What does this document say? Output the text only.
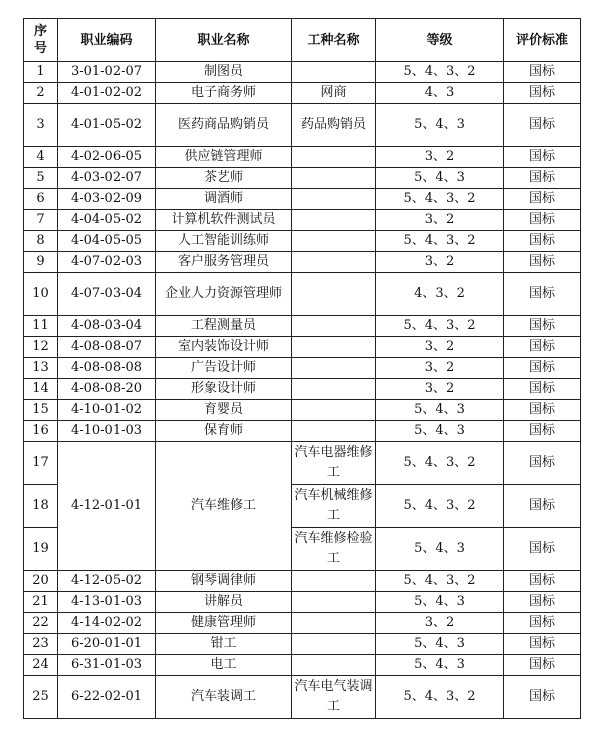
序号	职业编码	职业名称	工种名称	等级	评价标准
1	3-01-02-07	制图员		5、4、3、2	国标
2	4-01-02-02	电子商务师	网商	4、3	国标
3	4-01-05-02	医药商品购销员	药品购销员	5、4、3	国标
4	4-02-06-05	供应链管理师		3、2	国标
5	4-03-02-07	茶艺师		5、4、3	国标
6	4-03-02-09	调酒师		5、4、3、2	国标
7	4-04-05-02	计算机软件测试员		3、2	国标
8	4-04-05-05	人工智能训练师		5、4、3、2	国标
9	4-07-02-03	客户服务管理员		3、2	国标
10	4-07-03-04	企业人力资源管理师		4、3、2	国标
11	4-08-03-04	工程测量员		5、4、3、2	国标
12	4-08-08-07	室内装饰设计师		3、2	国标
13	4-08-08-08	广告设计师		3、2	国标
14	4-08-08-20	形象设计师		3、2	国标
15	4-10-01-02	育婴员		5、4、3	国标
16	4-10-01-03	保育师		5、4、3	国标
17	4-12-01-01	汽车维修工	汽车电器维修工	5、4、3、2	国标
18			汽车机械维修工	5、4、3、2	国标
19			汽车维修检验工	5、4、3	国标
20	4-12-05-02	钢琴调律师		5、4、3、2	国标
21	4-13-01-03	讲解员		5、4、3	国标
22	4-14-02-02	健康管理师		3、2	国标
23	6-20-01-01	钳工		5、4、3	国标
24	6-31-01-03	电工		5、4、3	国标
25	6-22-02-01	汽车装调工	汽车电气装调工	5、4、3、2	国标
